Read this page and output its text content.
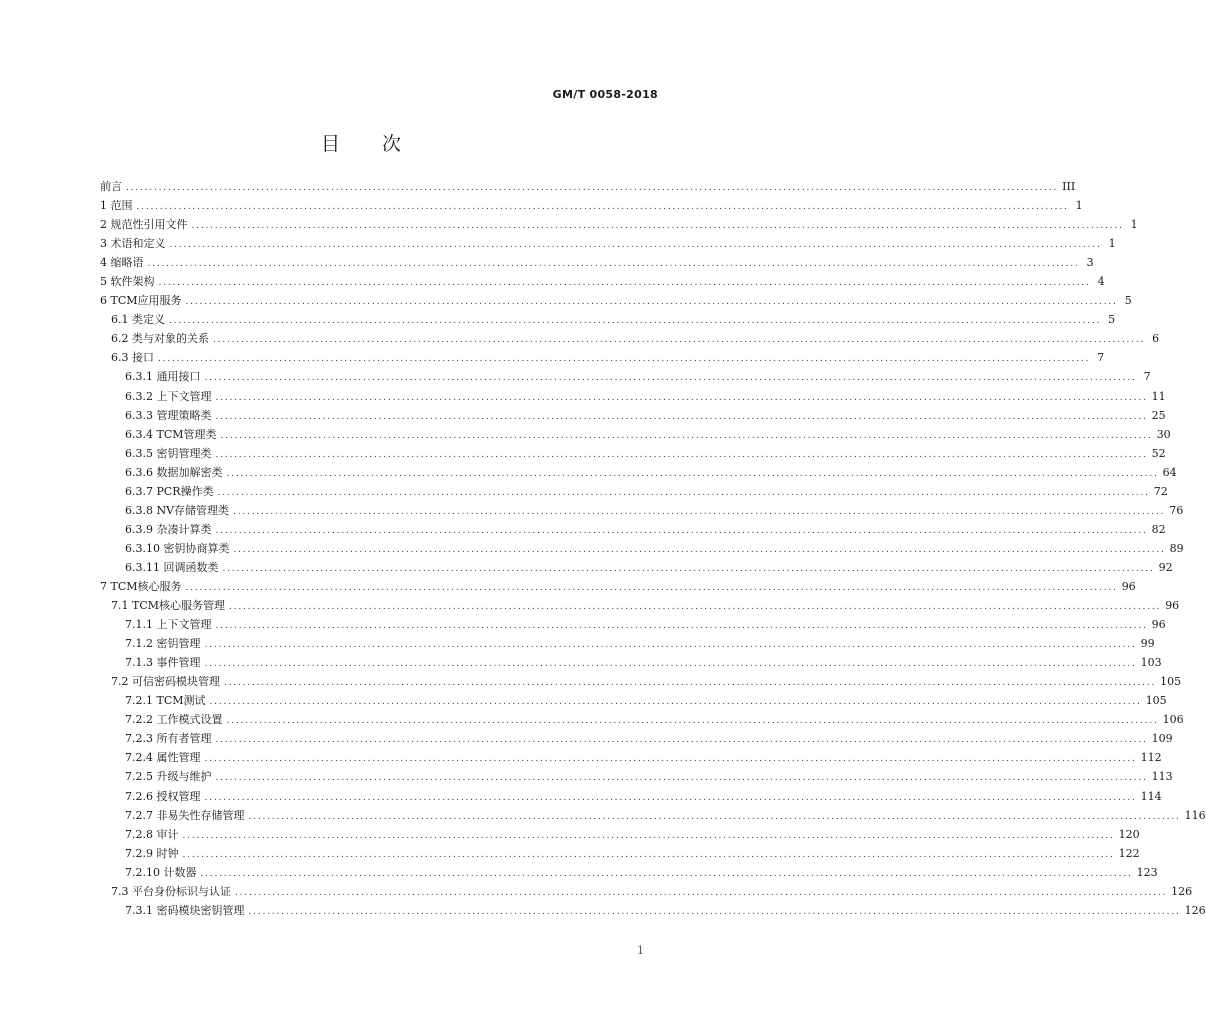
GM/T 0058-2018
目 次
前言 ........................................................................................................................................................................................................ III
1 范围 ........................................................................................................................................................................................................ 1
2 规范性引用文件 ........................................................................................................................................................................................................ 1
3 术语和定义 ........................................................................................................................................................................................................ 1
4 缩略语 ........................................................................................................................................................................................................ 3
5 软件架构 ........................................................................................................................................................................................................ 4
6 TCM应用服务 ........................................................................................................................................................................................................ 5
6.1 类定义 ........................................................................................................................................................................................................ 5
6.2 类与对象的关系 ........................................................................................................................................................................................................ 6
6.3 接口 ........................................................................................................................................................................................................ 7
6.3.1 通用接口 ........................................................................................................................................................................................................ 7
6.3.2 上下文管理 ........................................................................................................................................................................................................ 11
6.3.3 管理策略类 ........................................................................................................................................................................................................ 25
6.3.4 TCM管理类 ........................................................................................................................................................................................................ 30
6.3.5 密钥管理类 ........................................................................................................................................................................................................ 52
6.3.6 数据加解密类 ........................................................................................................................................................................................................ 64
6.3.7 PCR操作类 ........................................................................................................................................................................................................ 72
6.3.8 NV存储管理类 ........................................................................................................................................................................................................ 76
6.3.9 杂凑计算类 ........................................................................................................................................................................................................ 82
6.3.10 密钥协商算类 ........................................................................................................................................................................................................ 89
6.3.11 回调函数类 ........................................................................................................................................................................................................ 92
7 TCM核心服务 ........................................................................................................................................................................................................ 96
7.1 TCM核心服务管理 ........................................................................................................................................................................................................ 96
7.1.1 上下文管理 ........................................................................................................................................................................................................ 96
7.1.2 密钥管理 ........................................................................................................................................................................................................ 99
7.1.3 事件管理 ........................................................................................................................................................................................................ 103
7.2 可信密码模块管理 ........................................................................................................................................................................................................ 105
7.2.1 TCM测试 ........................................................................................................................................................................................................ 105
7.2.2 工作模式设置 ........................................................................................................................................................................................................ 106
7.2.3 所有者管理 ........................................................................................................................................................................................................ 109
7.2.4 属性管理 ........................................................................................................................................................................................................ 112
7.2.5 升级与维护 ........................................................................................................................................................................................................ 113
7.2.6 授权管理 ........................................................................................................................................................................................................ 114
7.2.7 非易失性存储管理 ........................................................................................................................................................................................................ 116
7.2.8 审计 ........................................................................................................................................................................................................ 120
7.2.9 时钟 ........................................................................................................................................................................................................ 122
7.2.10 计数器 ........................................................................................................................................................................................................ 123
7.3 平台身份标识与认证 ........................................................................................................................................................................................................ 126
7.3.1 密码模块密钥管理 ........................................................................................................................................................................................................ 126
1
